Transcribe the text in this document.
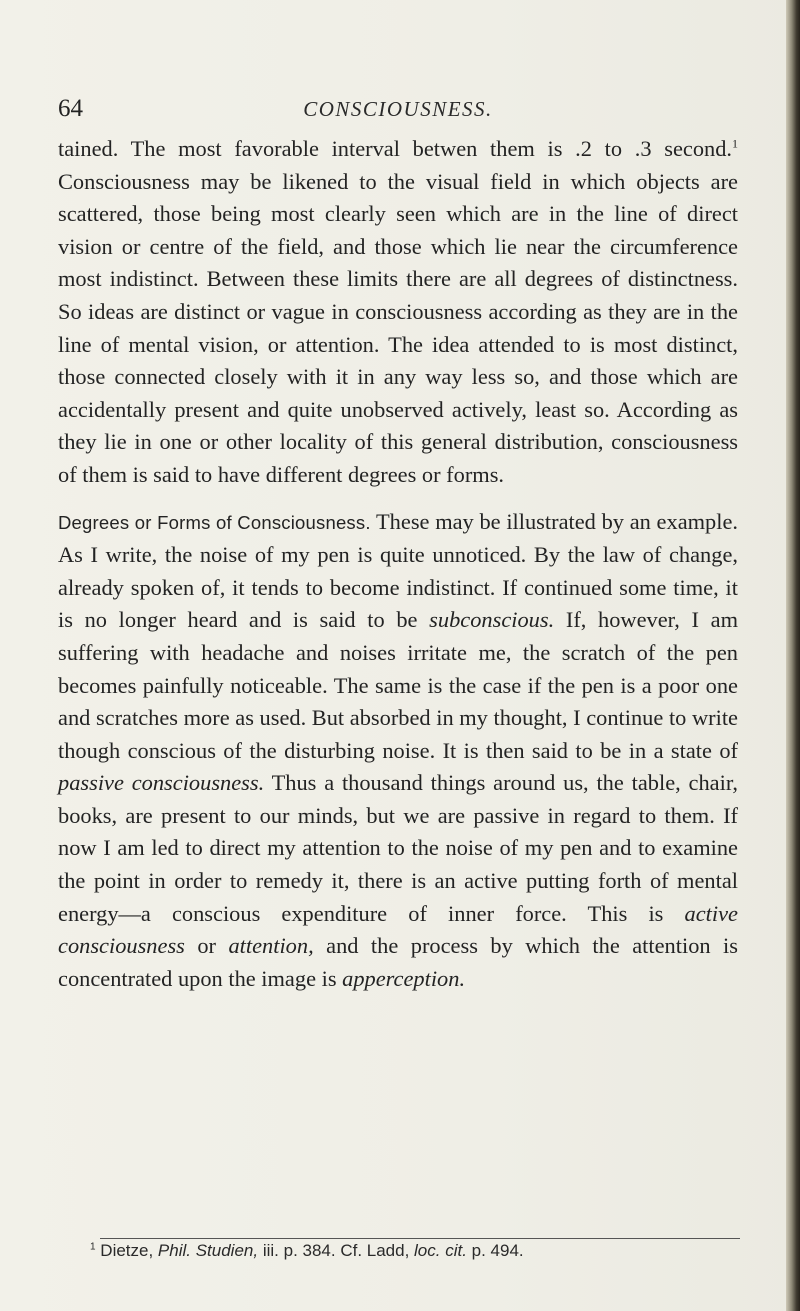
64	CONSCIOUSNESS.

tained. The most favorable interval betwen them is .2 to .3 second.$^1$ Consciousness may be likened to the visual field in which objects are scattered, those being most clearly seen which are in the line of direct vision or centre of the field, and those which lie near the circumference most indistinct. Between these limits there are all degrees of distinctness. So ideas are distinct or vague in consciousness according as they are in the line of mental vision, or attention. The idea attended to is most distinct, those connected closely with it in any way less so, and those which are accidentally present and quite unobserved actively, least so. According as they lie in one or other locality of this general distribution, consciousness of them is said to have different degrees or forms.

Degrees or Forms of Consciousness. These may be illustrated by an example. As I write, the noise of my pen is quite unnoticed. By the law of change, already spoken of, it tends to become indistinct. If continued some time, it is no longer heard and is said to be subconscious. If, however, I am suffering with headache and noises irritate me, the scratch of the pen becomes painfully noticeable. The same is the case if the pen is a poor one and scratches more as used. But absorbed in my thought, I continue to write though conscious of the disturbing noise. It is then said to be in a state of passive consciousness. Thus a thousand things around us, the table, chair, books, are present to our minds, but we are passive in regard to them. If now I am led to direct my attention to the noise of my pen and to examine the point in order to remedy it, there is an active putting forth of mental energy—a conscious expenditure of inner force. This is active consciousness or attention, and the process by which the attention is concentrated upon the image is apperception.

$^1$ Dietze, Phil. Studien, iii. p. 384. Cf. Ladd, loc. cit. p. 494.
